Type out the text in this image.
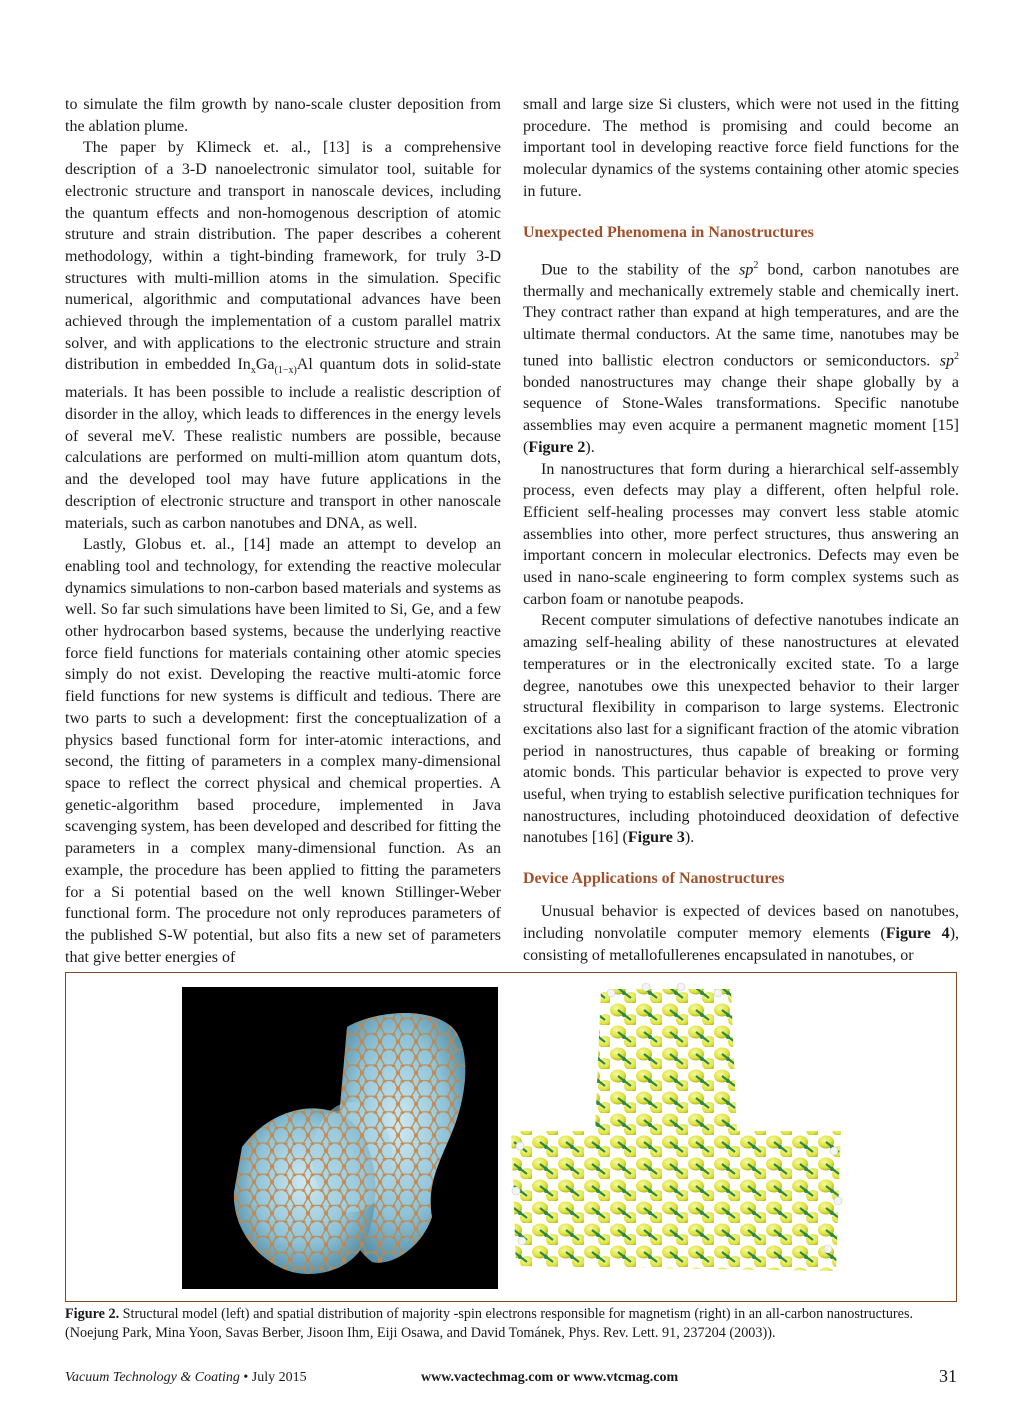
to simulate the film growth by nano-scale cluster deposition from the ablation plume.

The paper by Klimeck et. al., [13] is a comprehensive description of a 3-D nanoelectronic simulator tool, suitable for electronic structure and transport in nanoscale devices, including the quantum effects and non-homogenous description of atomic struture and strain distribution. The paper describes a coherent methodology, within a tight-binding framework, for truly 3-D structures with multi-million atoms in the simulation. Specific numerical, algorithmic and computational advances have been achieved through the implementation of a custom parallel matrix solver, and with applications to the electronic structure and strain distribution in embedded $In_xGa_{(1-x)}Al$ quantum dots in solid-state materials. It has been possible to include a realistic description of disorder in the alloy, which leads to differences in the energy levels of several meV. These realistic numbers are possible, because calculations are performed on multi-million atom quantum dots, and the developed tool may have future applications in the description of electronic structure and transport in other nanoscale materials, such as carbon nanotubes and DNA, as well.

Lastly, Globus et. al., [14] made an attempt to develop an enabling tool and technology, for extending the reactive molecular dynamics simulations to non-carbon based materials and systems as well. So far such simulations have been limited to Si, Ge, and a few other hydrocarbon based systems, because the underlying reactive force field functions for materials containing other atomic species simply do not exist. Developing the reactive multi-atomic force field functions for new systems is difficult and tedious. There are two parts to such a development: first the conceptualization of a physics based functional form for inter-atomic interactions, and second, the fitting of parameters in a complex many-dimensional space to reflect the correct physical and chemical properties. A genetic-algorithm based procedure, implemented in Java scavenging system, has been developed and described for fitting the parameters in a complex many-dimensional function. As an example, the procedure has been applied to fitting the parameters for a Si potential based on the well known Stillinger-Weber functional form. The procedure not only reproduces parameters of the published S-W potential, but also fits a new set of parameters that give better energies of

small and large size Si clusters, which were not used in the fitting procedure. The method is promising and could become an important tool in developing reactive force field functions for the molecular dynamics of the systems containing other atomic species in future.

Unexpected Phenomena in Nanostructures

Due to the stability of the $sp^2$ bond, carbon nanotubes are thermally and mechanically extremely stable and chemically inert. They contract rather than expand at high temperatures, and are the ultimate thermal conductors. At the same time, nanotubes may be tuned into ballistic electron conductors or semiconductors. $sp^2$ bonded nanostructures may change their shape globally by a sequence of Stone-Wales transformations. Specific nanotube assemblies may even acquire a permanent magnetic moment [15] (Figure 2).

In nanostructures that form during a hierarchical self-assembly process, even defects may play a different, often helpful role. Efficient self-healing processes may convert less stable atomic assemblies into other, more perfect structures, thus answering an important concern in molecular electronics. Defects may even be used in nano-scale engineering to form complex systems such as carbon foam or nanotube peapods.

Recent computer simulations of defective nanotubes indicate an amazing self-healing ability of these nanostructures at elevated temperatures or in the electronically excited state. To a large degree, nanotubes owe this unexpected behavior to their larger structural flexibility in comparison to large systems. Electronic excitations also last for a significant fraction of the atomic vibration period in nanostructures, thus capable of breaking or forming atomic bonds. This particular behavior is expected to prove very useful, when trying to establish selective purification techniques for nanostructures, including photoinduced deoxidation of defective nanotubes [16] (Figure 3).

Device Applications of Nanostructures

Unusual behavior is expected of devices based on nanotubes, including nonvolatile computer memory elements (Figure 4), consisting of metallofullerenes encapsulated in nanotubes, or

Figure 2. Structural model (left) and spatial distribution of majority -spin electrons responsible for magnetism (right) in an all-carbon nanostructures. (Noejung Park, Mina Yoon, Savas Berber, Jisoon Ihm, Eiji Osawa, and David Tománek, Phys. Rev. Lett. 91, 237204 (2003)).
Vacuum Technology & Coating • July 2015	www.vactechmag.com or www.vtcmag.com	31
